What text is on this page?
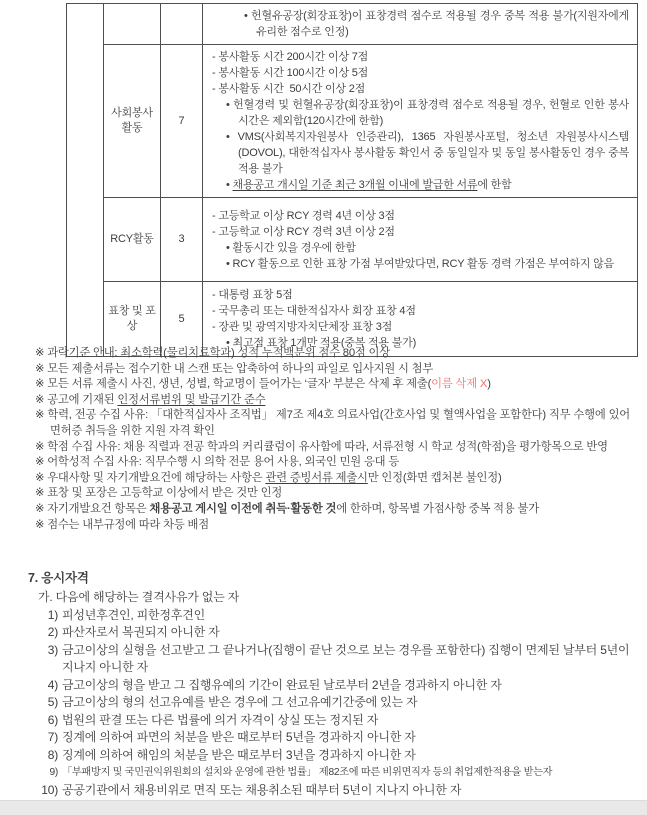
			• 헌혈유공장(회장표창)이 표창경력 점수로 적용될 경우 중복 적용 불가(지원자에게 유리한 점수로 인정)

사회봉사 활동	7	
- 봉사활동 시간 200시간 이상 7점
- 봉사활동 시간 100시간 이상 5점
- 봉사활동 시간  50시간 이상 2점
• 헌혈경력 및 헌혈유공장(회장표창)이 표창경력 점수로 적용될 경우, 헌혈로 인한 봉사시간은 제외함(120시간에 한함)
• VMS(사회복지자원봉사 인증관리), 1365 자원봉사포털, 청소년 자원봉사시스템(DOVOL), 대한적십자사 봉사활동 확인서 중 동일일자 및 동일 봉사활동인 경우 중복 적용 불가
• 채용공고 개시일 기준 최근 3개월 이내에 발급한 서류에 한함

	RCY활동	3	- 고등학교 이상 RCY 경력 4년 이상 3점
- 고등학교 이상 RCY 경력 3년 이상 2점
• 활동시간 있을 경우에 한함
• RCY 활동으로 인한 표창 가점 부여받았다면, RCY 활동 경력 가점은 부여하지 않음

	표창 및 포상	5	- 대통령 표창 5점
- 국무총리 또는 대한적십자사 회장 표창 4점
- 장관 및 광역지방자치단체장 표창 3점
• 최고점 표창 1개만 적용(중복 적용 불가)
※ 과락기준 안내: 최소학력(물리치료학과) 성적 누적백분위 점수 80점 이상
※ 모든 제출서류는 접수기한 내 스캔 또는 압축하여 하나의 파일로 입사지원 시 첨부
※ 모든 서류 제출시 사진, 생년, 성별, 학교명이 들어가는 ‘글자’ 부분은 삭제 후 제출(이름 삭제 X)
※ 공고에 기재된 인정서류범위 및 발급기간 준수
※ 학력, 전공 수집 사유: 「대한적십자사 조직법」 제7조 제4호 의료사업(간호사업 및 혈액사업을 포함한다) 직무 수행에 있어 면허증 취득을 위한 지원 자격 확인
※ 학점 수집 사유: 채용 직렬과 전공 학과의 커리큘럼이 유사함에 따라, 서류전형 시 학교 성적(학점)을 평가항목으로 반영
※ 어학성적 수집 사유: 직무수행 시 의학 전문 용어 사용, 외국인 민원 응대 등
※ 우대사항 및 자기개발요건에 해당하는 사항은 관련 증빙서류 제출시만 인정(화면 캡처본 불인정)
※ 표창 및 포장은 고등학교 이상에서 받은 것만 인정
※ 자기개발요건 항목은 채용공고 게시일 이전에 취득·활동한 것에 한하며, 항목별 가점사항 중복 적용 불가
※ 점수는 내부규정에 따라 차등 배점
7. 응시자격
가. 다음에 해당하는 결격사유가 없는 자
1) 피성년후견인, 피한정후견인
2) 파산자로서 복권되지 아니한 자
3) 금고이상의 실형을 선고받고 그 끝나거나(집행이 끝난 것으로 보는 경우를 포함한다) 집행이 면제된 날부터 5년이 지나지 아니한 자
4) 금고이상의 형을 받고 그 집행유예의 기간이 완료된 날로부터 2년을 경과하지 아니한 자
5) 금고이상의 형의 선고유예를 받은 경우에 그 선고유예기간중에 있는 자
6) 법원의 판결 또는 다른 법률에 의거 자격이 상실 또는 정지된 자
7) 징계에 의하여 파면의 처분을 받은 때로부터 5년을 경과하지 아니한 자
8) 징계에 의하여 해임의 처분을 받은 때로부터 3년을 경과하지 아니한 자
9) 「부패방지 및 국민권익위원회의 설치와 운영에 관한 법률」 제82조에 따른 비위면직자 등의 취업제한적용을 받는자
10) 공공기관에서 채용비위로 면직 또는 채용취소된 때부터 5년이 지나지 아니한 자
